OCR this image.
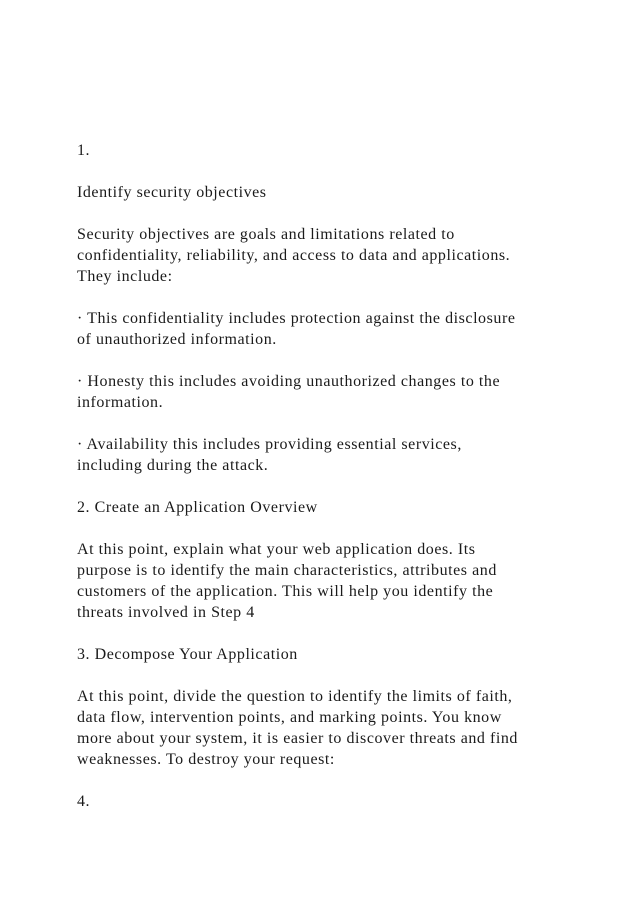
1.

Identify security objectives

Security objectives are goals and limitations related to
confidentiality, reliability, and access to data and applications.
They include:

· This confidentiality includes protection against the disclosure
of unauthorized information.

· Honesty this includes avoiding unauthorized changes to the
information.

· Availability this includes providing essential services,
including during the attack.

2. Create an Application Overview

At this point, explain what your web application does. Its
purpose is to identify the main characteristics, attributes and
customers of the application. This will help you identify the
threats involved in Step 4

3. Decompose Your Application

At this point, divide the question to identify the limits of faith,
data flow, intervention points, and marking points. You know
more about your system, it is easier to discover threats and find
weaknesses. To destroy your request:

4.
